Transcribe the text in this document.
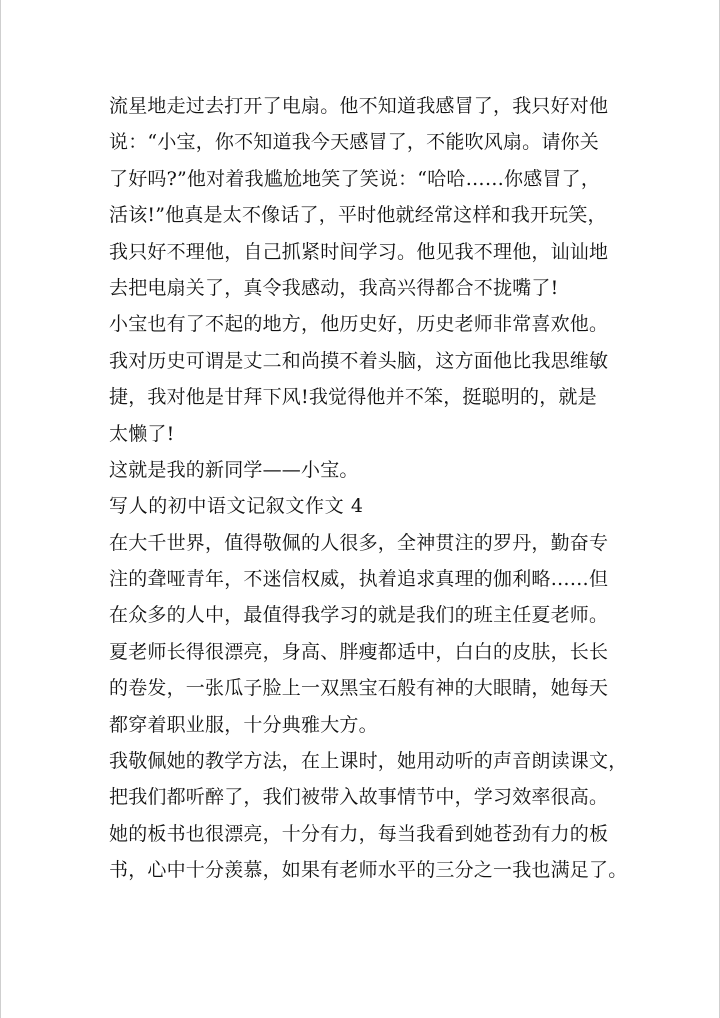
流星地走过去打开了电扇。他不知道我感冒了，我只好对他
说：“小宝，你不知道我今天感冒了，不能吹风扇。请你关
了好吗?”他对着我尴尬地笑了笑说：“哈哈……你感冒了，
活该!”他真是太不像话了，平时他就经常这样和我开玩笑，
我只好不理他，自己抓紧时间学习。他见我不理他，讪讪地
去把电扇关了，真令我感动，我高兴得都合不拢嘴了!
小宝也有了不起的地方，他历史好，历史老师非常喜欢他。
我对历史可谓是丈二和尚摸不着头脑，这方面他比我思维敏
捷，我对他是甘拜下风!我觉得他并不笨，挺聪明的，就是
太懒了!
这就是我的新同学——小宝。
写人的初中语文记叙文作文 4
在大千世界，值得敬佩的人很多，全神贯注的罗丹，勤奋专
注的聋哑青年，不迷信权威，执着追求真理的伽利略……但
在众多的人中，最值得我学习的就是我们的班主任夏老师。
夏老师长得很漂亮，身高、胖瘦都适中，白白的皮肤，长长
的卷发，一张瓜子脸上一双黑宝石般有神的大眼睛，她每天
都穿着职业服，十分典雅大方。
我敬佩她的教学方法，在上课时，她用动听的声音朗读课文，
把我们都听醉了，我们被带入故事情节中，学习效率很高。
她的板书也很漂亮，十分有力，每当我看到她苍劲有力的板
书，心中十分羡慕，如果有老师水平的三分之一我也满足了。
